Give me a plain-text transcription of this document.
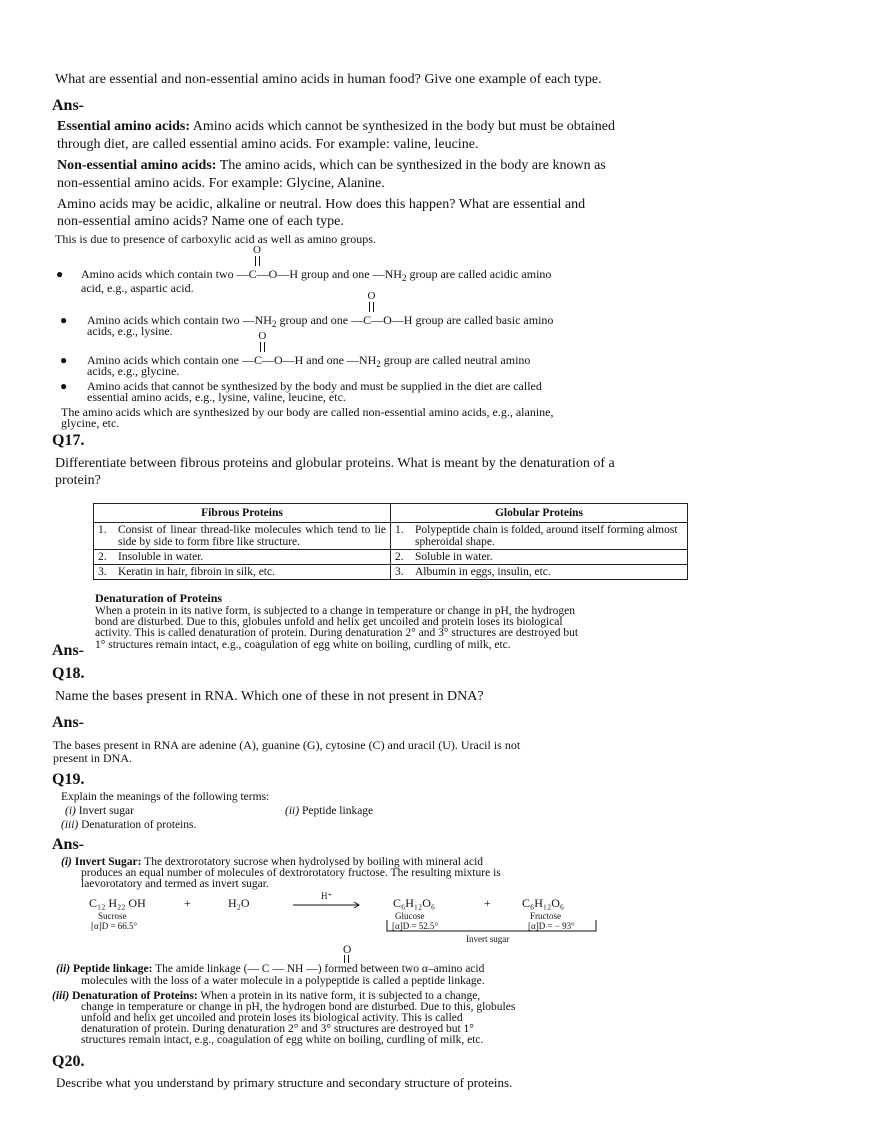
What are essential and non-essential amino acids in human food? Give one example of each type.
Ans-
Essential amino acids: Amino acids which cannot be synthesized in the body but must be obtained
through diet, are called essential amino acids. For example: valine, leucine.
Non-essential amino acids: The amino acids, which can be synthesized in the body are known as
non-essential amino acids. For example: Glycine, Alanine.
Amino acids may be acidic, alkaline or neutral. How does this happen? What are essential and
non-essential amino acids? Name one of each type.
This is due to presence of carboxylic acid as well as amino groups.
● Amino acids which contain two
O
—C—O—H group and one $—NH_2$ group are called acidic amino
acid, e.g., aspartic acid.
● Amino acids which contain two $—NH_2$ group and one
O
—C—O—H group are called basic amino
acids, e.g., lysine.
● Amino acids which contain one
O
—C—O—H and one $—NH_2$ group are called neutral amino
acids, e.g., glycine.
● Amino acids that cannot be synthesized by the body and must be supplied in the diet are called
essential amino acids, e.g., lysine, valine, leucine, etc.
The amino acids which are synthesized by our body are called non-essential amino acids, e.g., alanine,
glycine, etc.
Q17.
Differentiate between fibrous proteins and globular proteins. What is meant by the denaturation of a
protein?
Fibrous Proteins	Globular Proteins

1. Consist of linear thread-like molecules which tend to lie side by side to form fibre like structure.	1. Polypeptide chain is folded, around itself forming almost spheroidal shape.

2. Insoluble in water.	2. Soluble in water.
3. Keratin in hair, fibroin in silk, etc.	3. Albumin in eggs, insulin, etc.
Denaturation of Proteins
When a protein in its native form, is subjected to a change in temperature or change in pH, the hydrogen
bond are disturbed. Due to this, globules unfold and helix get uncoiled and protein loses its biological
activity. This is called denaturation of protein. During denaturation 2° and 3° structures are destroyed but
1° structures remain intact, e.g., coagulation of egg white on boiling, curdling of milk, etc.
Ans-
Q18.
Name the bases present in RNA. Which one of these in not present in DNA?
Ans-
The bases present in RNA are adenine (A), guanine (G), cytosine (C) and uracil (U). Uracil is not
present in DNA.
Q19.
Explain the meanings of the following terms:
(i) Invert sugar	(ii) Peptide linkage
(iii) Denaturation of proteins.
Ans-
(i) Invert Sugar: The dextrorotatory sucrose when hydrolysed by boiling with mineral acid
produces an equal number of molecules of dextrorotatory fructose. The resulting mixture is
laevorotatory and termed as invert sugar.
C₁₂ H₂₂ OH	+	H₂O	H⁺	C₆H₁₂O₆	+	C₆H₁₂O₆
Sucrose
[α]D = 66.5°
Glucose
[α]D = 52.5°
Fructose
[α]D = − 93°
Invert sugar
O
(ii) Peptide linkage: The amide linkage (— C — NH —) formed between two α–amino acid
molecules with the loss of a water molecule in a polypeptide is called a peptide linkage.
(iii) Denaturation of Proteins: When a protein in its native form, it is subjected to a change,
change in temperature or change in pH, the hydrogen bond are disturbed. Due to this, globules
unfold and helix get uncoiled and protein loses its biological activity. This is called
denaturation of protein. During denaturation 2° and 3° structures are destroyed but 1°
structures remain intact, e.g., coagulation of egg white on boiling, curdling of milk, etc.
Q20.
Describe what you understand by primary structure and secondary structure of proteins.
